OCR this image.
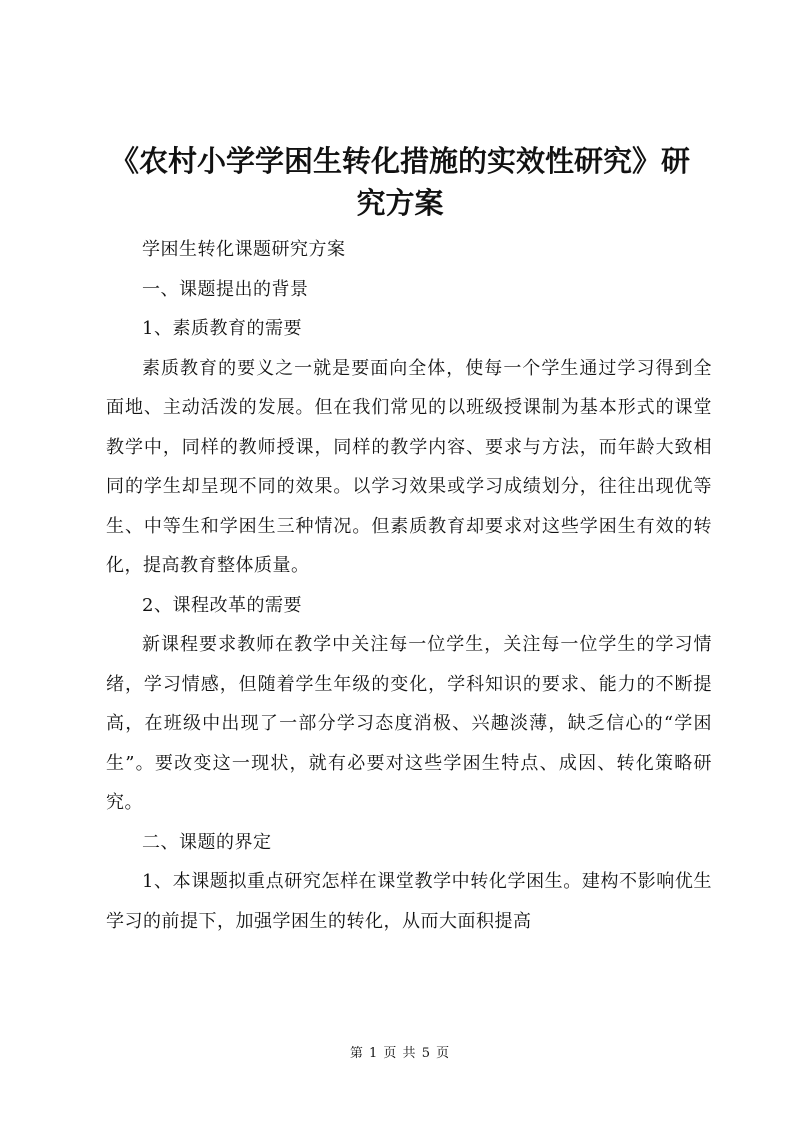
《农村小学学困生转化措施的实效性研究》研究方案

学困生转化课题研究方案

一、课题提出的背景

1、素质教育的需要

素质教育的要义之一就是要面向全体，使每一个学生通过学习得到全面地、主动活泼的发展。但在我们常见的以班级授课制为基本形式的课堂教学中，同样的教师授课，同样的教学内容、要求与方法，而年龄大致相同的学生却呈现不同的效果。以学习效果或学习成绩划分，往往出现优等生、中等生和学困生三种情况。但素质教育却要求对这些学困生有效的转化，提高教育整体质量。

2、课程改革的需要

新课程要求教师在教学中关注每一位学生，关注每一位学生的学习情绪，学习情感，但随着学生年级的变化，学科知识的要求、能力的不断提高，在班级中出现了一部分学习态度消极、兴趣淡薄，缺乏信心的“学困生”。要改变这一现状，就有必要对这些学困生特点、成因、转化策略研究。

二、课题的界定

1、本课题拟重点研究怎样在课堂教学中转化学困生。建构不影响优生学习的前提下，加强学困生的转化，从而大面积提高

第 1 页 共 5 页
